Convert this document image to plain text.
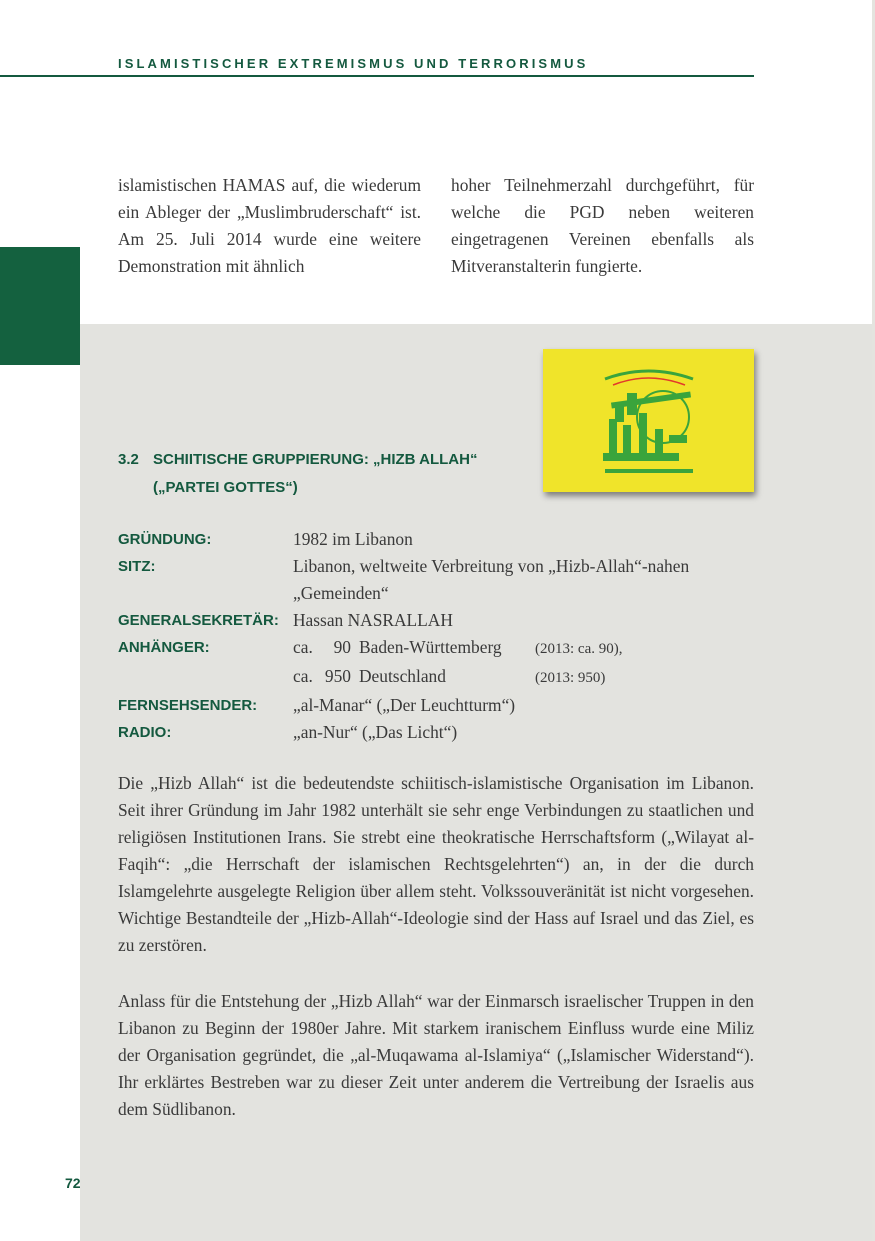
ISLAMISTISCHER EXTREMISMUS UND TERRORISMUS
islamistischen HAMAS auf, die wiederum ein Ableger der „Muslimbruderschaft“ ist. Am 25. Juli 2014 wurde eine weitere Demonstration mit ähnlich
hoher Teilnehmerzahl durchgeführt, für welche die PGD neben weiteren eingetragenen Vereinen ebenfalls als Mitveranstalterin fungierte.
3.2 SCHIITISCHE GRUPPIERUNG: „HIZB ALLAH“
(„PARTEI GOTTES“)
GRÜNDUNG:	1982 im Libanon
SITZ:	Libanon, weltweite Verbreitung von „Hizb-Allah“-nahen „Gemeinden“
GENERALSEKRETÄR: Hassan NASRALLAH
ANHÄNGER:	ca. 90 Baden-Württemberg (2013: ca. 90),
ca. 950 Deutschland	(2013: 950)
FERNSEHSENDER: „al-Manar“ („Der Leuchtturm“)
RADIO:	„an-Nur“ („Das Licht“)
Die „Hizb Allah“ ist die bedeutendste schiitisch-islamistische Organisation im Libanon. Seit ihrer Gründung im Jahr 1982 unterhält sie sehr enge Verbindungen zu staatlichen und religiösen Institutionen Irans. Sie strebt eine theokratische Herrschaftsform („Wilayat al-Faqih“: „die Herrschaft der islamischen Rechtsgelehrten“) an, in der die durch Islamgelehrte ausgelegte Religion über allem steht. Volkssouveränität ist nicht vorgesehen. Wichtige Bestandteile der „Hizb-Allah“-Ideologie sind der Hass auf Israel und das Ziel, es zu zerstören.
Anlass für die Entstehung der „Hizb Allah“ war der Einmarsch israelischer Truppen in den Libanon zu Beginn der 1980er Jahre. Mit starkem iranischem Einfluss wurde eine Miliz der Organisation gegründet, die „al-Muqawama al-Islamiya“ („Islamischer Widerstand“). Ihr erklärtes Bestreben war zu dieser Zeit unter anderem die Vertreibung der Israelis aus dem Südlibanon.
72
